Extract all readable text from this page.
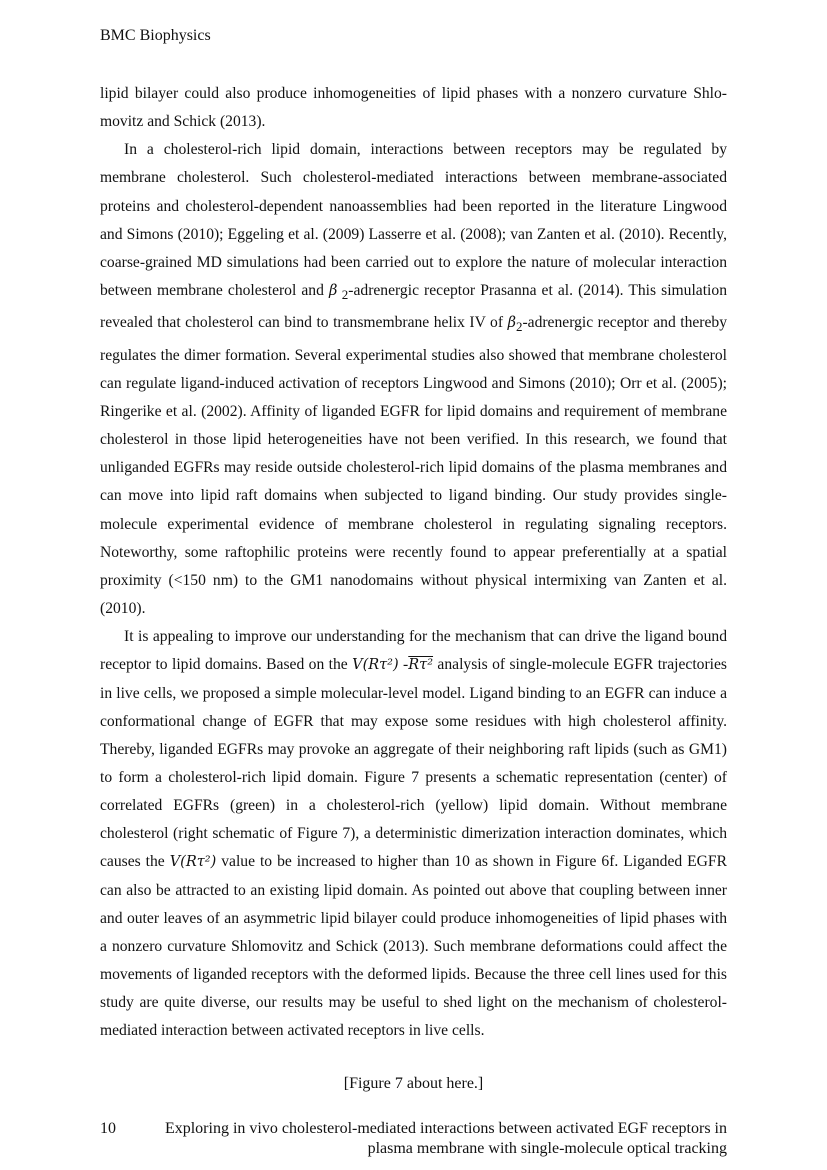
BMC Biophysics

lipid bilayer could also produce inhomogeneities of lipid phases with a nonzero curvature Shlomovitz and Schick (2013).

In a cholesterol-rich lipid domain, interactions between receptors may be regulated by membrane cholesterol. Such cholesterol-mediated interactions between membrane-associated proteins and cholesterol-dependent nanoassemblies had been reported in the literature Lingwood and Simons (2010); Eggeling et al. (2009) Lasserre et al. (2008); van Zanten et al. (2010). Recently, coarse-grained MD simulations had been carried out to explore the nature of molecular interaction between membrane cholesterol and β $_2$-adrenergic receptor Prasanna et al. (2014). This simulation revealed that cholesterol can bind to transmembrane helix IV of $\beta_2$-adrenergic receptor and thereby regulates the dimer formation. Several experimental studies also showed that membrane cholesterol can regulate ligand-induced activation of receptors Lingwood and Simons (2010); Orr et al. (2005); Ringerike et al. (2002). Affinity of liganded EGFR for lipid domains and requirement of membrane cholesterol in those lipid heterogeneities have not been verified. In this research, we found that unliganded EGFRs may reside outside cholesterol-rich lipid domains of the plasma membranes and can move into lipid raft domains when subjected to ligand binding. Our study provides single-molecule experimental evidence of membrane cholesterol in regulating signaling receptors. Noteworthy, some raftophilic proteins were recently found to appear preferentially at a spatial proximity (<150 nm) to the GM1 nanodomains without physical intermixing van Zanten et al. (2010).

It is appealing to improve our understanding for the mechanism that can drive the ligand bound receptor to lipid domains. Based on the V(Rτ²) -Rτ² analysis of single-molecule EGFR trajectories in live cells, we proposed a simple molecular-level model. Ligand binding to an EGFR can induce a conformational change of EGFR that may expose some residues with high cholesterol affinity. Thereby, liganded EGFRs may provoke an aggregate of their neighboring raft lipids (such as GM1) to form a cholesterol-rich lipid domain. Figure 7 presents a schematic representation (center) of correlated EGFRs (green) in a cholesterol-rich (yellow) lipid domain. Without membrane cholesterol (right schematic of Figure 7), a deterministic dimerization interaction dominates, which causes the V(Rτ²) value to be increased to higher than 10 as shown in Figure 6f. Liganded EGFR can also be attracted to an existing lipid domain. As pointed out above that coupling between inner and outer leaves of an asymmetric lipid bilayer could produce inhomogeneities of lipid phases with a nonzero curvature Shlomovitz and Schick (2013). Such membrane deformations could affect the movements of liganded receptors with the deformed lipids. Because the three cell lines used for this study are quite diverse, our results may be useful to shed light on the mechanism of cholesterol-mediated interaction between activated receptors in live cells.

[Figure 7 about here.]
10	Exploring in vivo cholesterol-mediated interactions between activated EGF receptors in plasma membrane with single-molecule optical tracking
